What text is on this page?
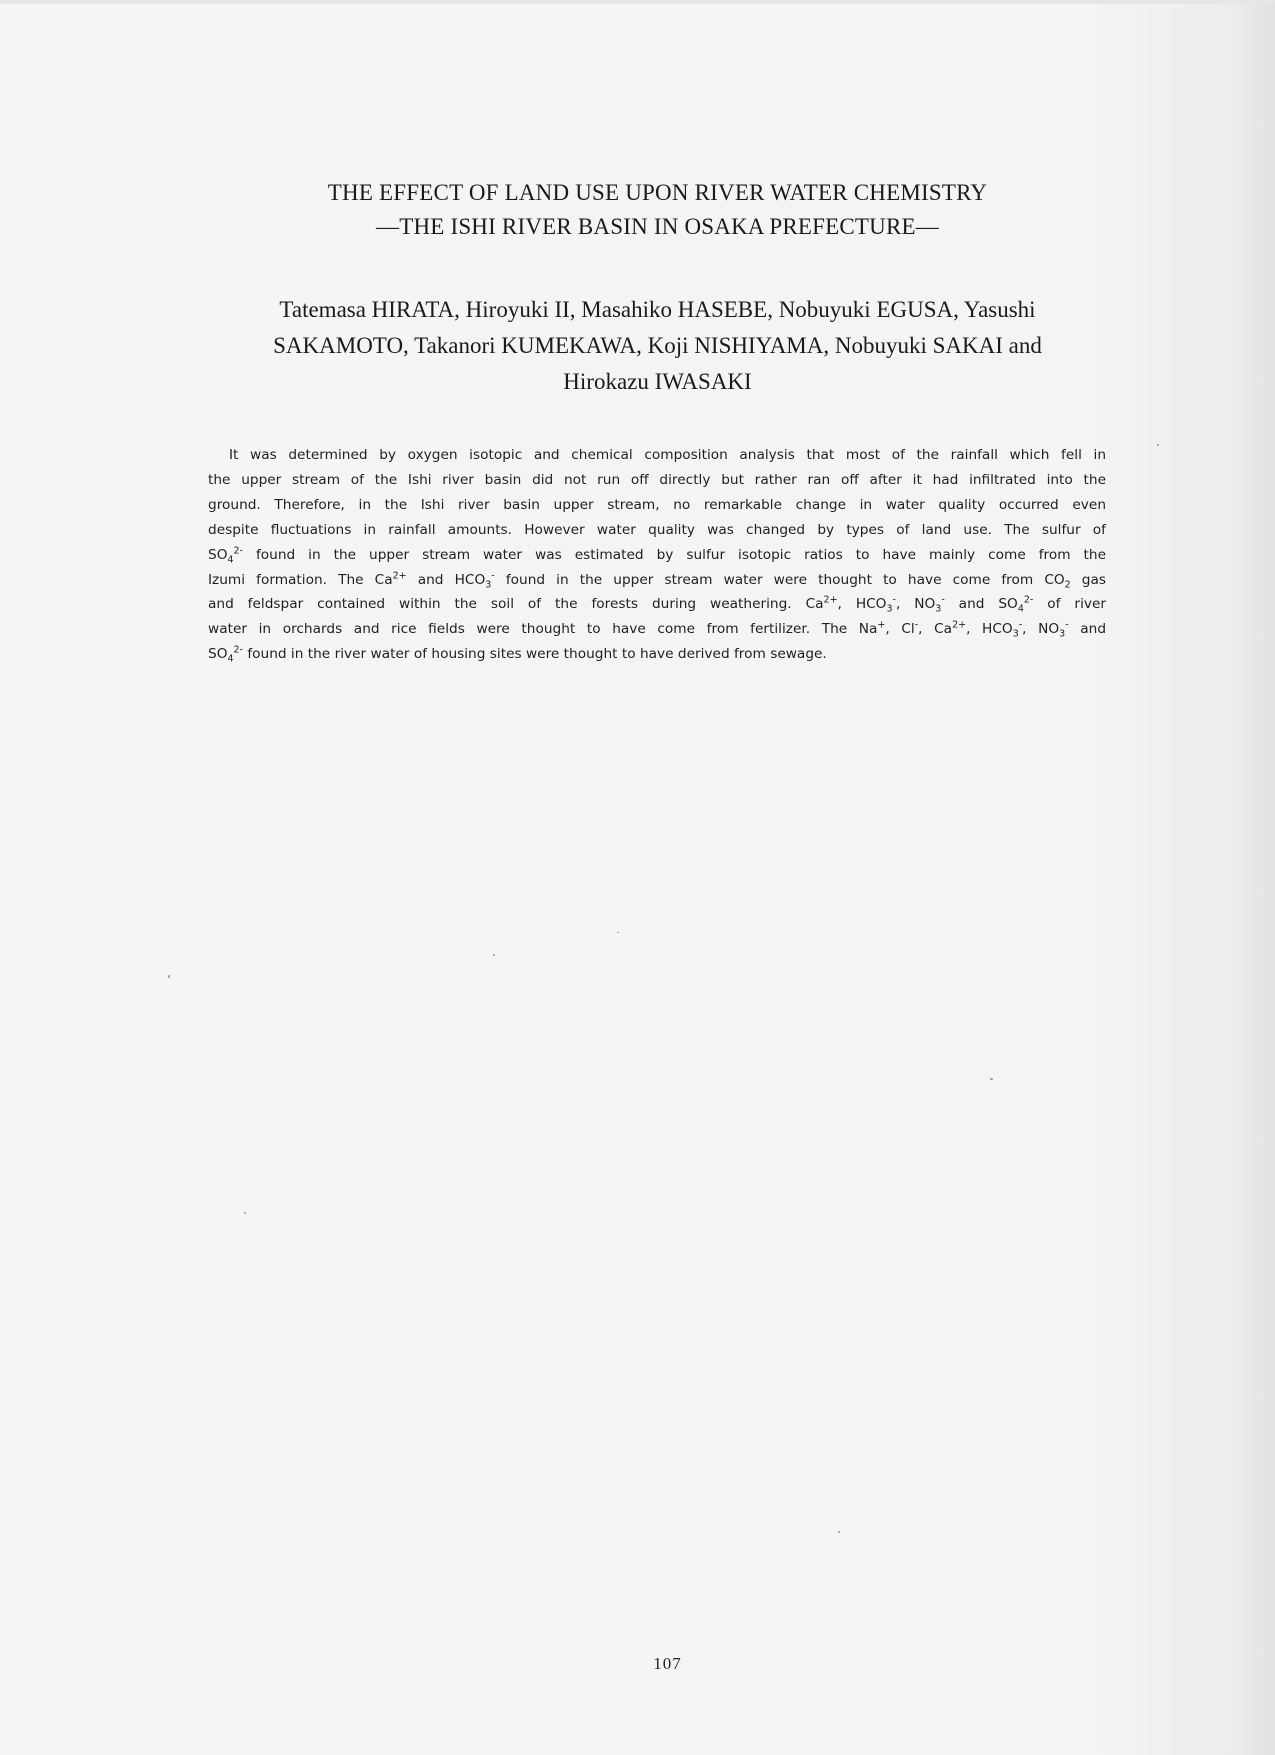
THE EFFECT OF LAND USE UPON RIVER WATER CHEMISTRY
—THE ISHI RIVER BASIN IN OSAKA PREFECTURE—
Tatemasa HIRATA, Hiroyuki II, Masahiko HASEBE, Nobuyuki EGUSA, Yasushi
SAKAMOTO, Takanori KUMEKAWA, Koji NISHIYAMA, Nobuyuki SAKAI and
Hirokazu IWASAKI
It was determined by oxygen isotopic and chemical composition analysis that most of the rainfall which fell in
the upper stream of the Ishi river basin did not run off directly but rather ran off after it had infiltrated into the
ground. Therefore, in the Ishi river basin upper stream, no remarkable change in water quality occurred even
despite fluctuations in rainfall amounts. However water quality was changed by types of land use. The sulfur of
$SO_4^{2-}$ found in the upper stream water was estimated by sulfur isotopic ratios to have mainly come from the
Izumi formation. The $Ca^{2+}$ and $HCO_3^-$ found in the upper stream water were thought to have come from $CO_2$ gas
and feldspar contained within the soil of the forests during weathering. $Ca^{2+}$, $HCO_3^-$, $NO_3^-$ and $SO_4^{2-}$ of river
water in orchards and rice fields were thought to have come from fertilizer. The Na+, Cl-, $Ca^{2+}$, $HCO_3^-$, $NO_3^-$ and
$SO_4^{2-}$ found in the river water of housing sites were thought to have derived from sewage.
107
